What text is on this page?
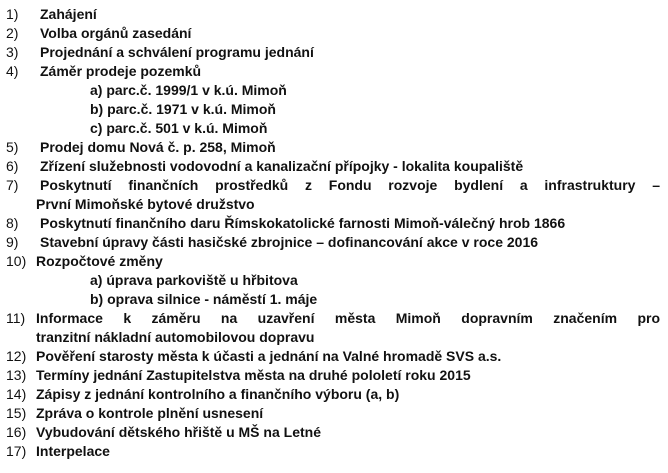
1)	Zahájení
2)	Volba orgánů zasedání
3)	Projednání a schválení programu jednání
4)	Záměr prodeje pozemků
a) parc.č. 1999/1 v k.ú. Mimoň
b) parc.č. 1971 v k.ú. Mimoň
c) parc.č. 501 v k.ú. Mimoň
5)	Prodej domu Nová č. p. 258, Mimoň
6)	Zřízení služebnosti vodovodní a kanalizační přípojky - lokalita koupaliště
7)	Poskytnutí finančních prostředků z Fondu rozvoje bydlení a infrastruktury –
První Mimoňské bytové družstvo
8)	Poskytnutí finančního daru Římskokatolické farnosti Mimoň-válečný hrob 1866
9)	Stavební úpravy části hasičské zbrojnice – dofinancování akce v roce 2016
10) Rozpočtové změny
a) úprava parkoviště u hřbitova
b) oprava silnice - náměstí 1. máje
11) Informace k záměru na uzavření města Mimoň dopravním značením pro
tranzitní nákladní automobilovou dopravu
12) Pověření starosty města k účasti a jednání na Valné hromadě SVS a.s.
13) Termíny jednání Zastupitelstva města na druhé pololetí roku 2015
14) Zápisy z jednání kontrolního a finančního výboru (a, b)
15) Zpráva o kontrole plnění usnesení
16) Vybudování dětského hřiště u MŠ na Letné
17) Interpelace
